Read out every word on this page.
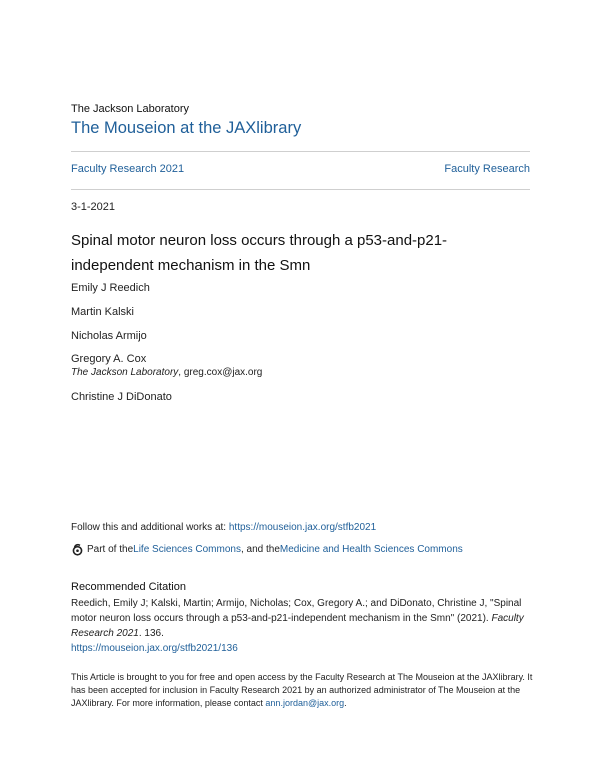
The Jackson Laboratory
The Mouseion at the JAXlibrary
Faculty Research 2021	Faculty Research
3-1-2021
Spinal motor neuron loss occurs through a p53-and-p21-independent mechanism in the Smn
Emily J Reedich
Martin Kalski
Nicholas Armijo
Gregory A. Cox
The Jackson Laboratory, greg.cox@jax.org
Christine J DiDonato
Follow this and additional works at: https://mouseion.jax.org/stfb2021
Part of the Life Sciences Commons , and the Medicine and Health Sciences Commons
Recommended Citation
Reedich, Emily J; Kalski, Martin; Armijo, Nicholas; Cox, Gregory A.; and DiDonato, Christine J, "Spinal motor neuron loss occurs through a p53-and-p21-independent mechanism in the Smn" (2021). Faculty Research 2021. 136.
https://mouseion.jax.org/stfb2021/136
This Article is brought to you for free and open access by the Faculty Research at The Mouseion at the JAXlibrary. It has been accepted for inclusion in Faculty Research 2021 by an authorized administrator of The Mouseion at the JAXlibrary. For more information, please contact ann.jordan@jax.org.
